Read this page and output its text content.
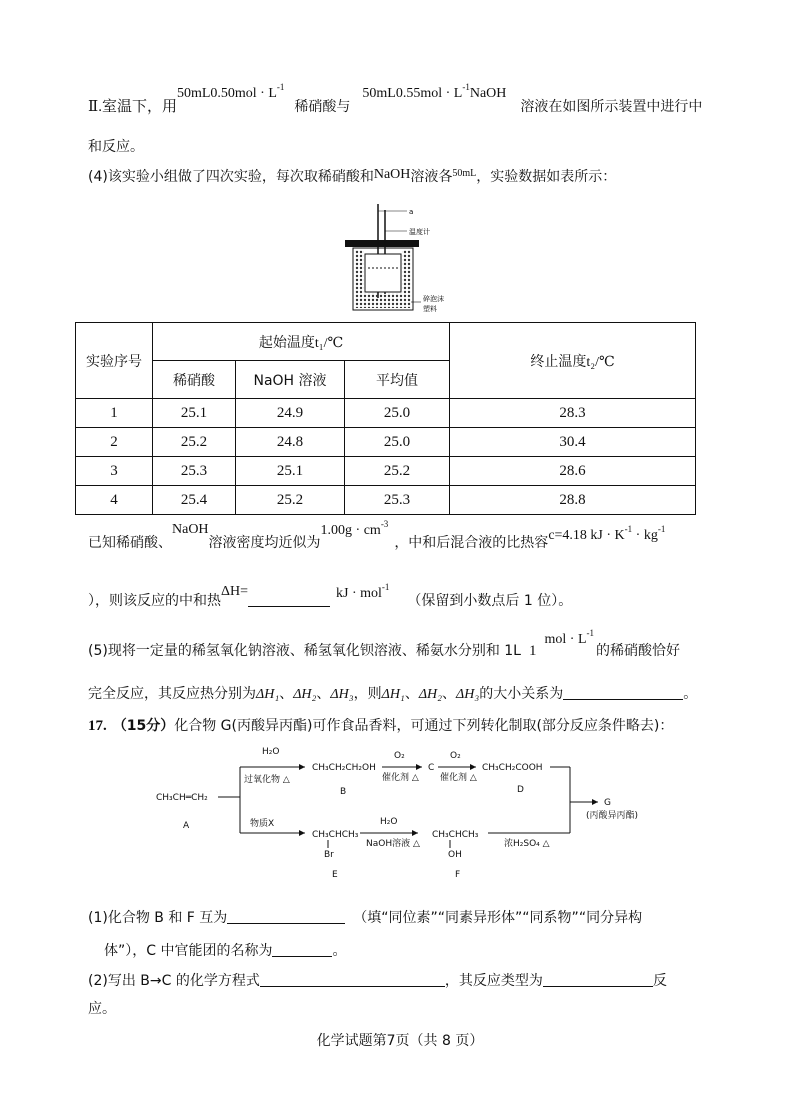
Ⅱ.室温下，用$50mL0.50mol \cdot L^{-1}$稀硝酸与$50mL0.55mol \cdot L^{-1}NaOH$溶液在如图所示装置中进行中
和反应。
(4)该实验小组做了四次实验，每次取稀硝酸和NaOH溶液各$^{50mL}$，实验数据如表所示：
a
温度计
碎泡沫
塑料
实验序号	起始温度t₁/℃			终止温度t₂/℃
	稀硝酸	NaOH 溶液	平均值	
1	25.1	24.9	25.0	28.3
2	25.2	24.8	25.0	30.4
3	25.3	25.1	25.2	28.6
4	25.4	25.2	25.3	28.8
已知稀硝酸、NaOH溶液密度均近似为$1.00g \cdot cm^{-3}$，中和后混合液的比热容c=4.18 kJ · $K^{-1} \cdot kg^{-1}$
），则该反应的中和热ΔH=	kJ · mol$^{-1}$（保留到小数点后 1 位）。
(5)现将一定量的稀氢氧化钠溶液、稀氢氧化钡溶液、稀氨水分别和 1L $1mol \cdot L^{-1}$的稀硝酸恰好
完全反应，其反应热分别为ΔH₁、ΔH₂、ΔH₃，则ΔH₁、ΔH₂、ΔH₃的大小关系为	。
17. （15分）化合物 G(丙酸异丙酯)可作食品香料，可通过下列转化制取(部分反应条件略去)：
CH₃CH═CH₂
A
H₂O
过氧化物 △
CH₃CH₂CH₂OH
B
O₂
催化剂 △
C
O₂
催化剂 △
CH₃CH₂COOH
D
物质X
CH₃CHCH₃
Br
E
H₂O
NaOH溶液 △
CH₃CHCH₃
OH
F
浓H₂SO₄ △
G
(丙酸异丙酯)
(1)化合物 B 和 F 互为	（填“同位素”“同素异形体”“同系物”“同分异构
体”），C 中官能团的名称为	。
(2)写出 B→C 的化学方程式	，其反应类型为	反
应。
化学试题第7页（共 8 页）
